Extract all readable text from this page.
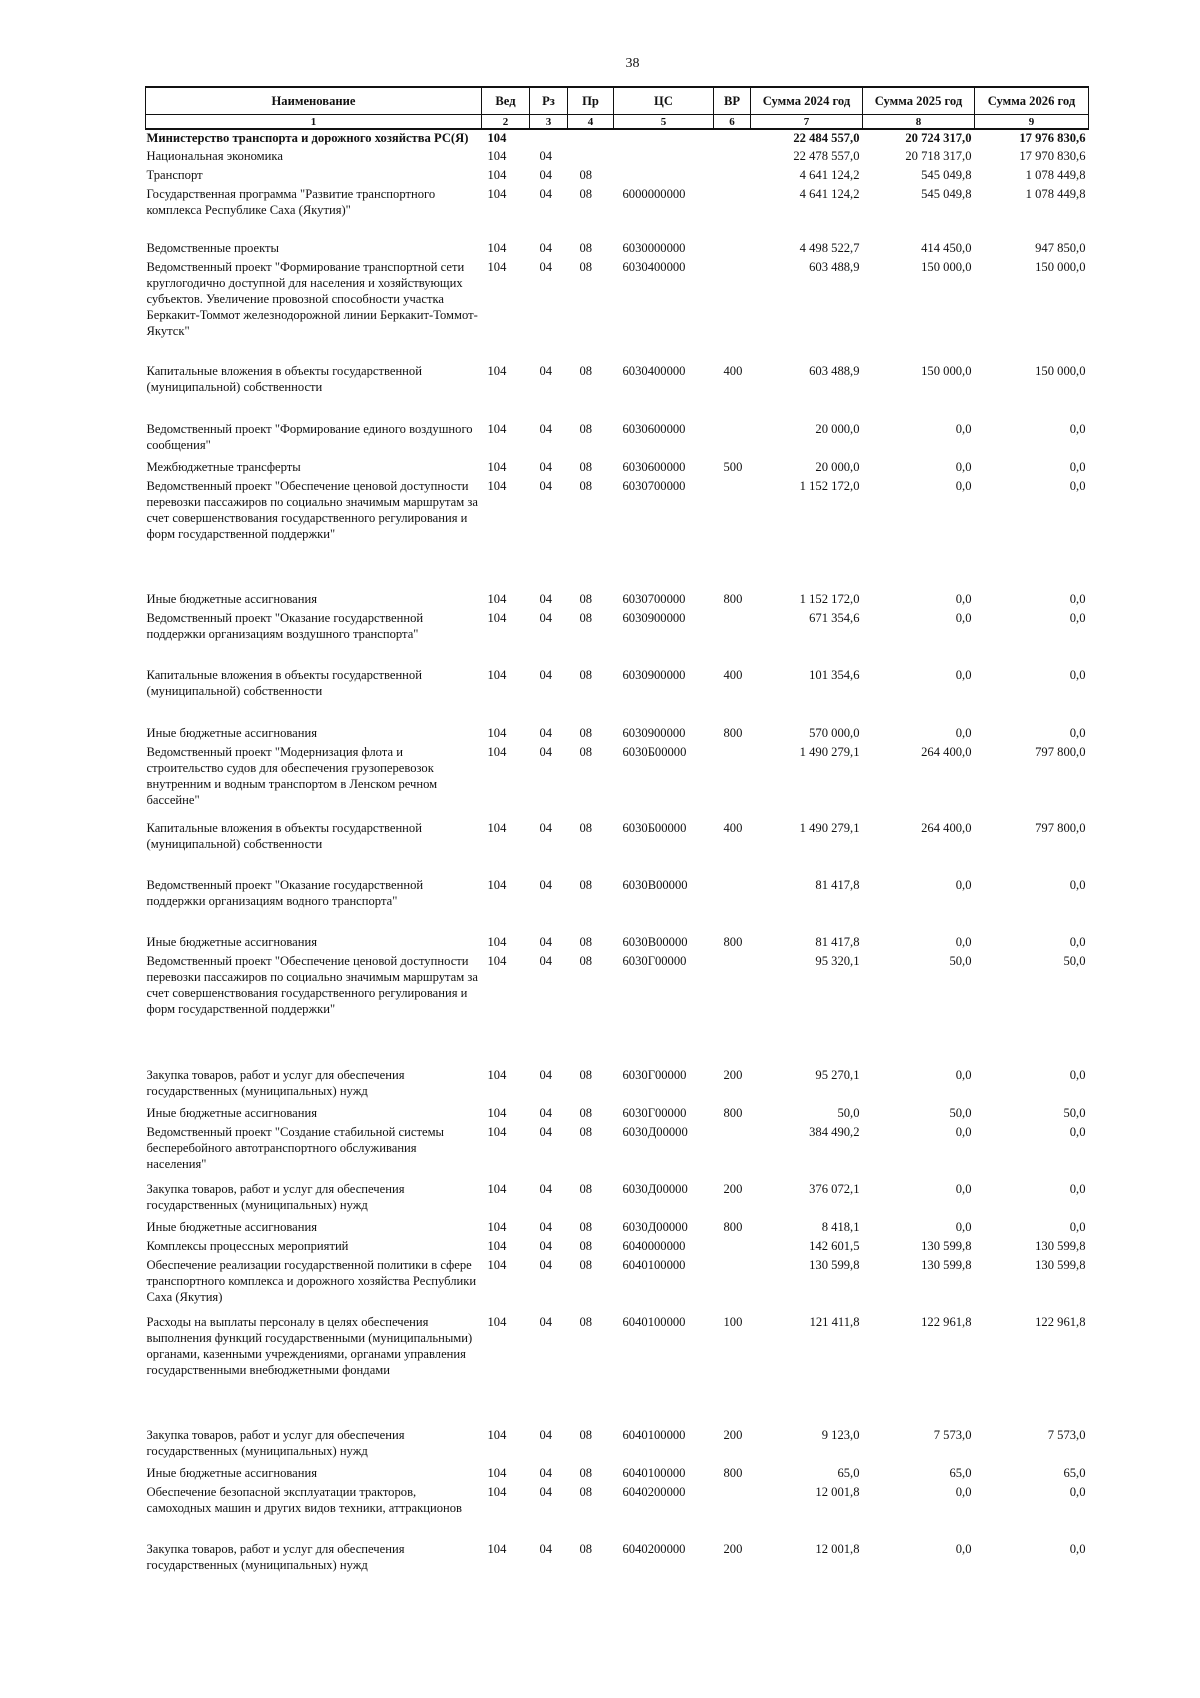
38
Наименование	Вед	Рз	Пр	ЦС	ВР	Сумма 2024 год	Сумма 2025 год	Сумма 2026 год
1	2	3	4	5	6	7	8	9
Министерство транспорта и дорожного хозяйства РС(Я)	104					22 484 557,0	20 724 317,0	17 976 830,6
Национальная экономика	104	04				22 478 557,0	20 718 317,0	17 970 830,6
Транспорт	104	04	08			4 641 124,2	545 049,8	1 078 449,8
Государственная программа "Развитие транспортного комплекса Республике Саха (Якутия)"	104	04	08	6000000000		4 641 124,2	545 049,8	1 078 449,8
Ведомственные проекты	104	04	08	6030000000		4 498 522,7	414 450,0	947 850,0
Ведомственный проект "Формирование транспортной сети круглогодично доступной для населения и хозяйствующих субъектов. Увеличение провозной способности участка Беркакит-Томмот железнодорожной линии Беркакит-Томмот-Якутск"	104	04	08	6030400000		603 488,9	150 000,0	150 000,0
Капитальные вложения в объекты государственной (муниципальной) собственности	104	04	08	6030400000	400	603 488,9	150 000,0	150 000,0
Ведомственный проект "Формирование единого воздушного сообщения"	104	04	08	6030600000		20 000,0	0,0	0,0
Межбюджетные трансферты	104	04	08	6030600000	500	20 000,0	0,0	0,0
Ведомственный проект "Обеспечение ценовой доступности перевозки пассажиров по социально значимым маршрутам за счет совершенствования государственного регулирования и форм государственной поддержки"	104	04	08	6030700000		1 152 172,0	0,0	0,0
Иные бюджетные ассигнования	104	04	08	6030700000	800	1 152 172,0	0,0	0,0
Ведомственный проект "Оказание государственной поддержки организациям воздушного транспорта"	104	04	08	6030900000		671 354,6	0,0	0,0
Капитальные вложения в объекты государственной (муниципальной) собственности	104	04	08	6030900000	400	101 354,6	0,0	0,0
Иные бюджетные ассигнования	104	04	08	6030900000	800	570 000,0	0,0	0,0
Ведомственный проект "Модернизация флота и строительство судов для обеспечения грузоперевозок внутренним и водным транспортом в Ленском речном бассейне"	104	04	08	6030Б00000		1 490 279,1	264 400,0	797 800,0
Капитальные вложения в объекты государственной (муниципальной) собственности	104	04	08	6030Б00000	400	1 490 279,1	264 400,0	797 800,0
Ведомственный проект "Оказание государственной поддержки организациям водного транспорта"	104	04	08	6030В00000		81 417,8	0,0	0,0
Иные бюджетные ассигнования	104	04	08	6030В00000	800	81 417,8	0,0	0,0
Ведомственный проект "Обеспечение ценовой доступности перевозки пассажиров по социально значимым маршрутам за счет совершенствования государственного регулирования и форм государственной поддержки"	104	04	08	6030Г00000		95 320,1	50,0	50,0
Закупка товаров, работ и услуг для обеспечения государственных (муниципальных) нужд	104	04	08	6030Г00000	200	95 270,1	0,0	0,0
Иные бюджетные ассигнования	104	04	08	6030Г00000	800	50,0	50,0	50,0
Ведомственный проект "Создание стабильной системы бесперебойного автотранспортного обслуживания населения"	104	04	08	6030Д00000		384 490,2	0,0	0,0
Закупка товаров, работ и услуг для обеспечения государственных (муниципальных) нужд	104	04	08	6030Д00000	200	376 072,1	0,0	0,0
Иные бюджетные ассигнования	104	04	08	6030Д00000	800	8 418,1	0,0	0,0
Комплексы процессных мероприятий	104	04	08	6040000000		142 601,5	130 599,8	130 599,8
Обеспечение реализации государственной политики в сфере транспортного комплекса и дорожного хозяйства Республики Саха (Якутия)	104	04	08	6040100000		130 599,8	130 599,8	130 599,8
Расходы на выплаты персоналу в целях обеспечения выполнения функций государственными (муниципальными) органами, казенными учреждениями, органами управления государственными внебюджетными фондами	104	04	08	6040100000	100	121 411,8	122 961,8	122 961,8
Закупка товаров, работ и услуг для обеспечения государственных (муниципальных) нужд	104	04	08	6040100000	200	9 123,0	7 573,0	7 573,0
Иные бюджетные ассигнования	104	04	08	6040100000	800	65,0	65,0	65,0
Обеспечение безопасной эксплуатации тракторов, самоходных машин и других видов техники, аттракционов	104	04	08	6040200000		12 001,8	0,0	0,0
Закупка товаров, работ и услуг для обеспечения государственных (муниципальных) нужд	104	04	08	6040200000	200	12 001,8	0,0	0,0
